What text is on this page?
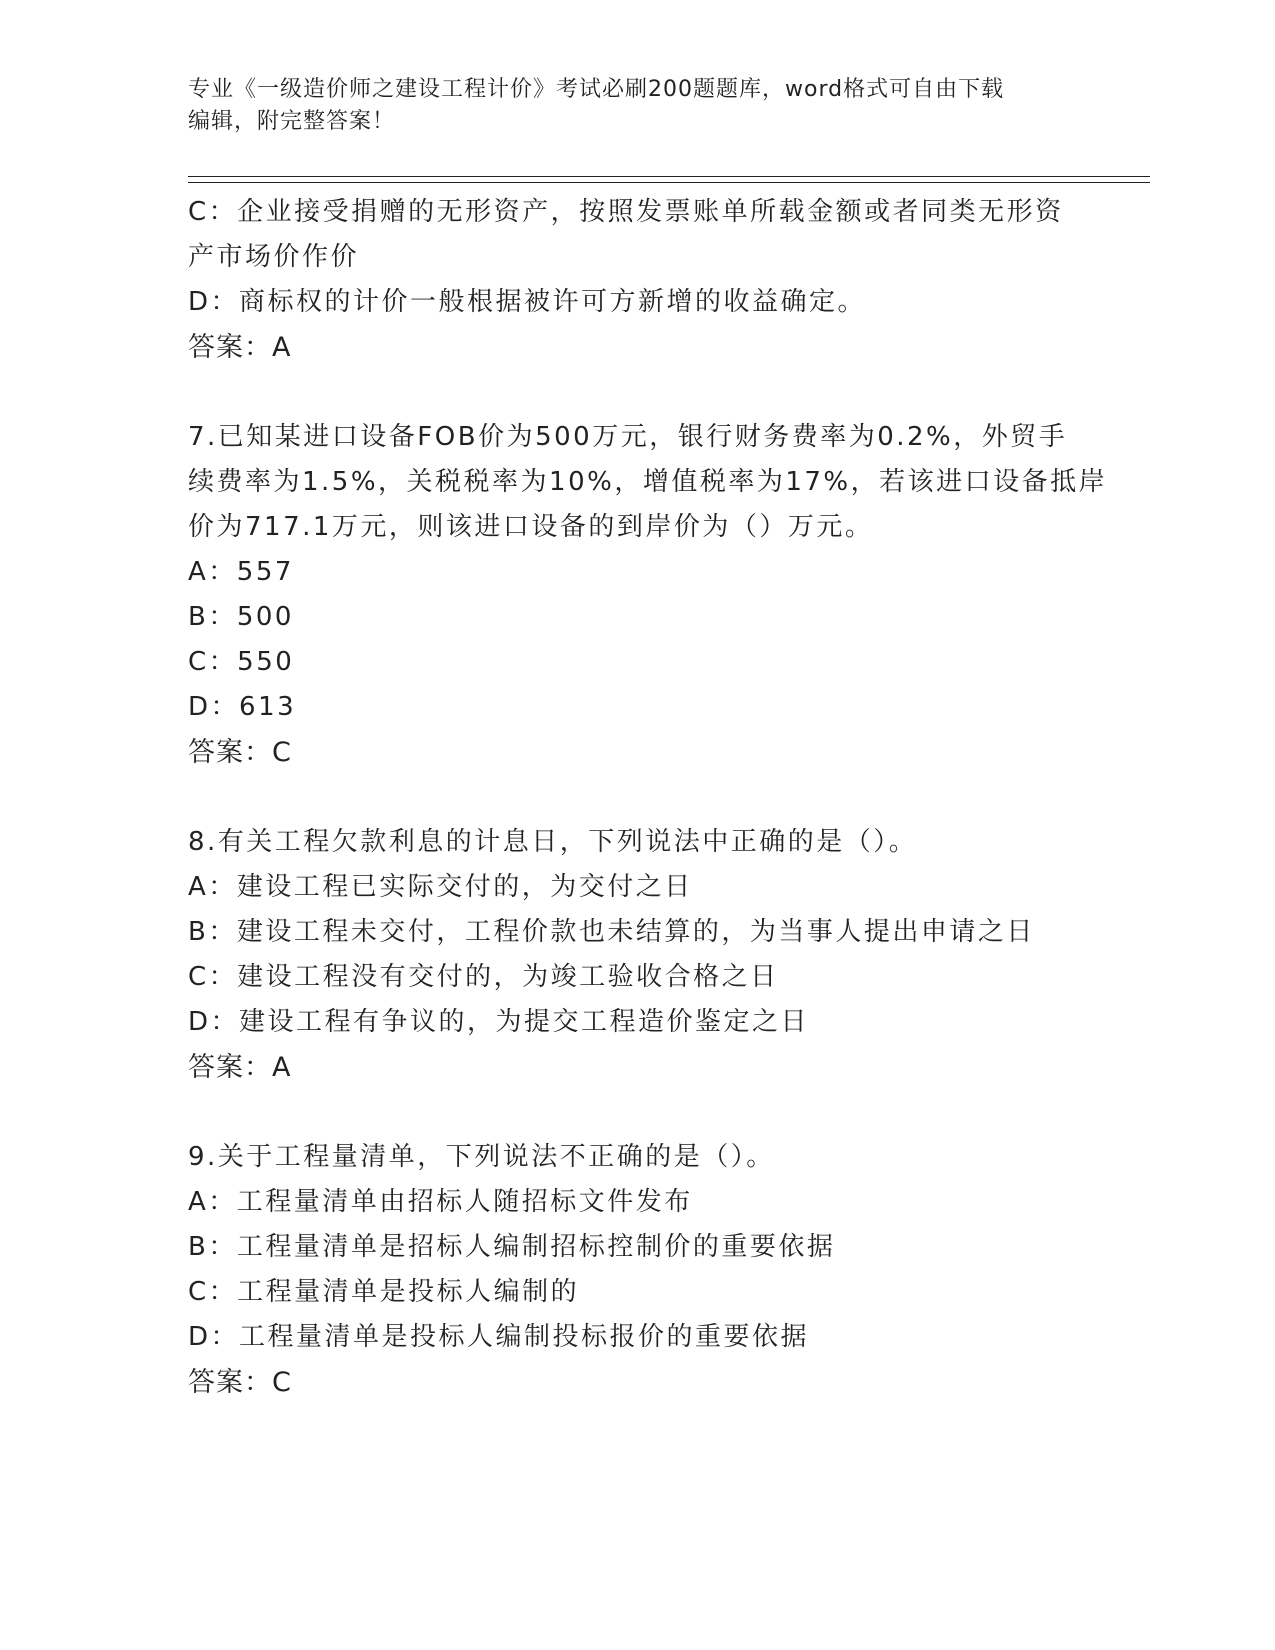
专业《一级造价师之建设工程计价》考试必刷200题题库，word格式可自由下载
编辑，附完整答案！
C：企业接受捐赠的无形资产，按照发票账单所载金额或者同类无形资
产市场价作价
D：商标权的计价一般根据被许可方新增的收益确定。
答案：A
7.已知某进口设备FOB价为500万元，银行财务费率为0.2%，外贸手
续费率为1.5%，关税税率为10%，增值税率为17%，若该进口设备抵岸
价为717.1万元，则该进口设备的到岸价为（）万元。
A：557
B：500
C：550
D：613
答案：C
8.有关工程欠款利息的计息日，下列说法中正确的是（）。
A：建设工程已实际交付的，为交付之日
B：建设工程未交付，工程价款也未结算的，为当事人提出申请之日
C：建设工程没有交付的，为竣工验收合格之日
D：建设工程有争议的，为提交工程造价鉴定之日
答案：A
9.关于工程量清单，下列说法不正确的是（）。
A：工程量清单由招标人随招标文件发布
B：工程量清单是招标人编制招标控制价的重要依据
C：工程量清单是投标人编制的
D：工程量清单是投标人编制投标报价的重要依据
答案：C
